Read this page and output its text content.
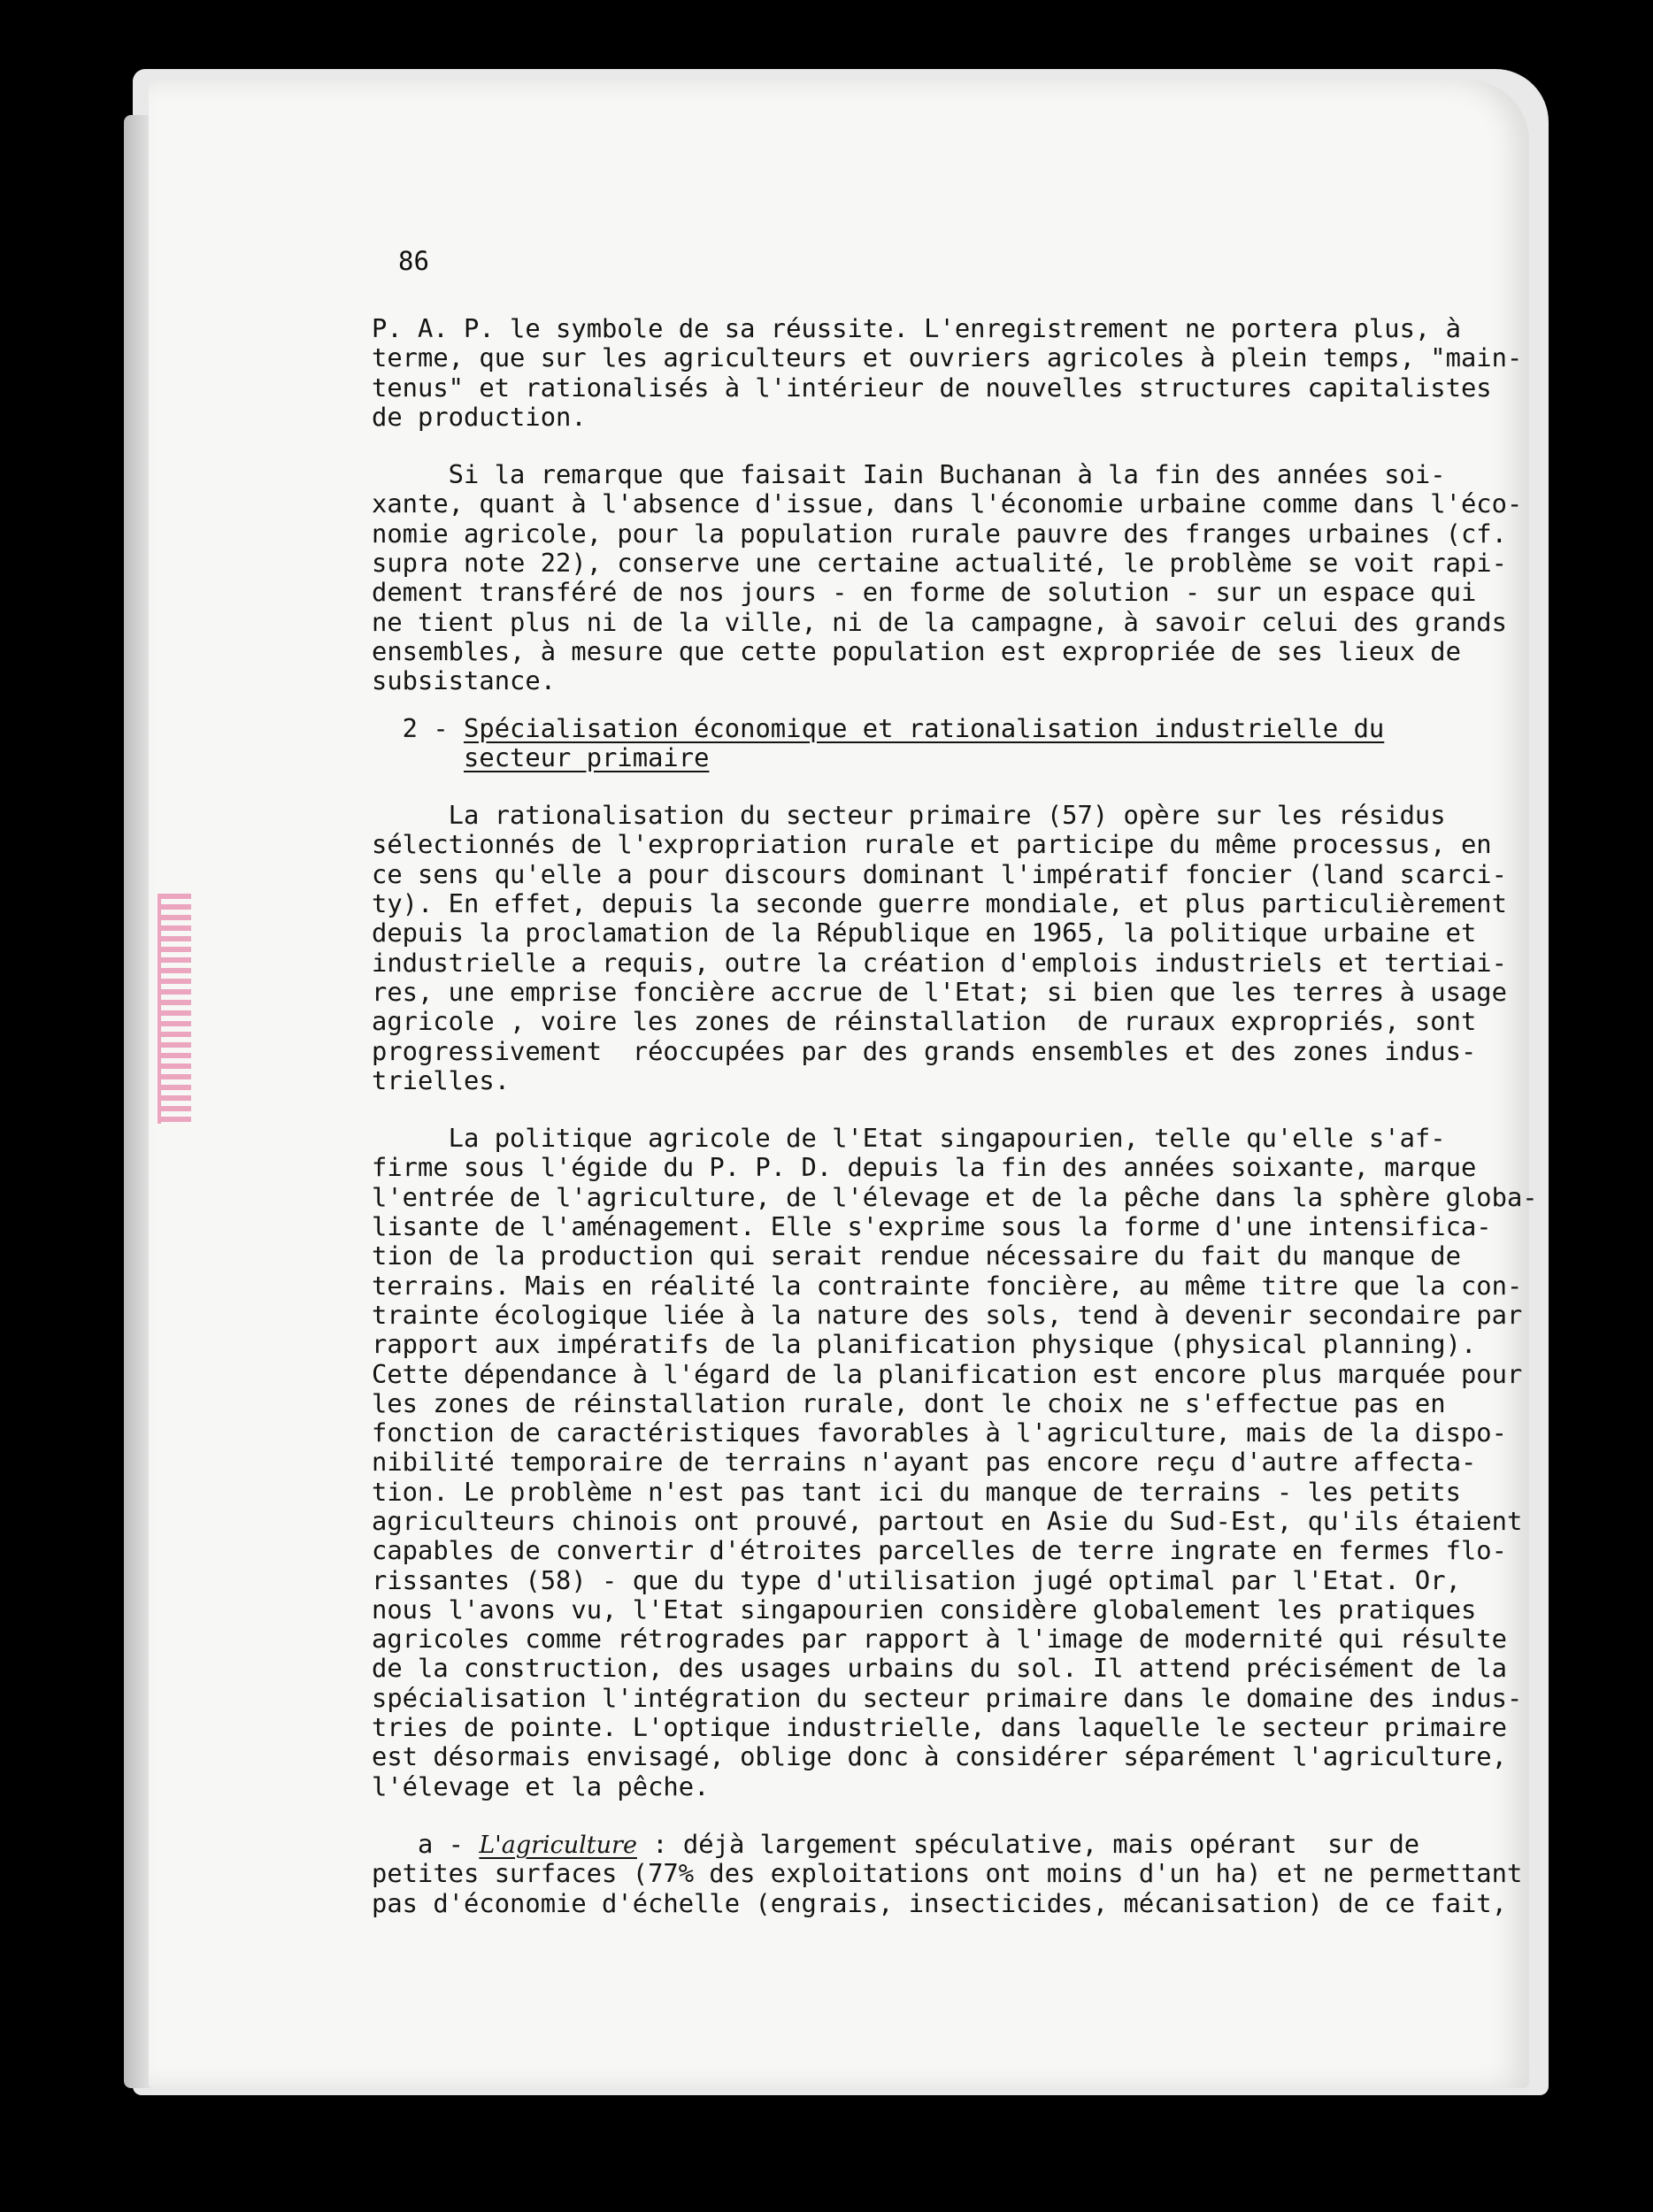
86
P. A. P. le symbole de sa réussite. L'enregistrement ne portera plus, à
terme, que sur les agriculteurs et ouvriers agricoles à plein temps, "main-
tenus" et rationalisés à l'intérieur de nouvelles structures capitalistes
de production.
Si la remarque que faisait Iain Buchanan à la fin des années soi-
xante, quant à l'absence d'issue, dans l'économie urbaine comme dans l'éco-
nomie agricole, pour la population rurale pauvre des franges urbaines (cf.
supra note 22), conserve une certaine actualité, le problème se voit rapi-
dement transféré de nos jours - en forme de solution - sur un espace qui
ne tient plus ni de la ville, ni de la campagne, à savoir celui des grands
ensembles, à mesure que cette population est expropriée de ses lieux de
subsistance.
2 - Spécialisation économique et rationalisation industrielle du
secteur primaire
La rationalisation du secteur primaire (57) opère sur les résidus
sélectionnés de l'expropriation rurale et participe du même processus, en
ce sens qu'elle a pour discours dominant l'impératif foncier (land scarci-
ty). En effet, depuis la seconde guerre mondiale, et plus particulièrement
depuis la proclamation de la République en 1965, la politique urbaine et
industrielle a requis, outre la création d'emplois industriels et tertiai-
res, une emprise foncière accrue de l'Etat; si bien que les terres à usage
agricole , voire les zones de réinstallation  de ruraux expropriés, sont
progressivement  réoccupées par des grands ensembles et des zones indus-
trielles.
La politique agricole de l'Etat singapourien, telle qu'elle s'af-
firme sous l'égide du P. P. D. depuis la fin des années soixante, marque
l'entrée de l'agriculture, de l'élevage et de la pêche dans la sphère globa-
lisante de l'aménagement. Elle s'exprime sous la forme d'une intensifica-
tion de la production qui serait rendue nécessaire du fait du manque de
terrains. Mais en réalité la contrainte foncière, au même titre que la con-
trainte écologique liée à la nature des sols, tend à devenir secondaire par
rapport aux impératifs de la planification physique (physical planning).
Cette dépendance à l'égard de la planification est encore plus marquée pour
les zones de réinstallation rurale, dont le choix ne s'effectue pas en
fonction de caractéristiques favorables à l'agriculture, mais de la dispo-
nibilité temporaire de terrains n'ayant pas encore reçu d'autre affecta-
tion. Le problème n'est pas tant ici du manque de terrains - les petits
agriculteurs chinois ont prouvé, partout en Asie du Sud-Est, qu'ils étaient
capables de convertir d'étroites parcelles de terre ingrate en fermes flo-
rissantes (58) - que du type d'utilisation jugé optimal par l'Etat. Or,
nous l'avons vu, l'Etat singapourien considère globalement les pratiques
agricoles comme rétrogrades par rapport à l'image de modernité qui résulte
de la construction, des usages urbains du sol. Il attend précisément de la
spécialisation l'intégration du secteur primaire dans le domaine des indus-
tries de pointe. L'optique industrielle, dans laquelle le secteur primaire
est désormais envisagé, oblige donc à considérer séparément l'agriculture,
l'élevage et la pêche.
a - L'agriculture : déjà largement spéculative, mais opérant  sur de
petites surfaces (77% des exploitations ont moins d'un ha) et ne permettant
pas d'économie d'échelle (engrais, insecticides, mécanisation) de ce fait,
